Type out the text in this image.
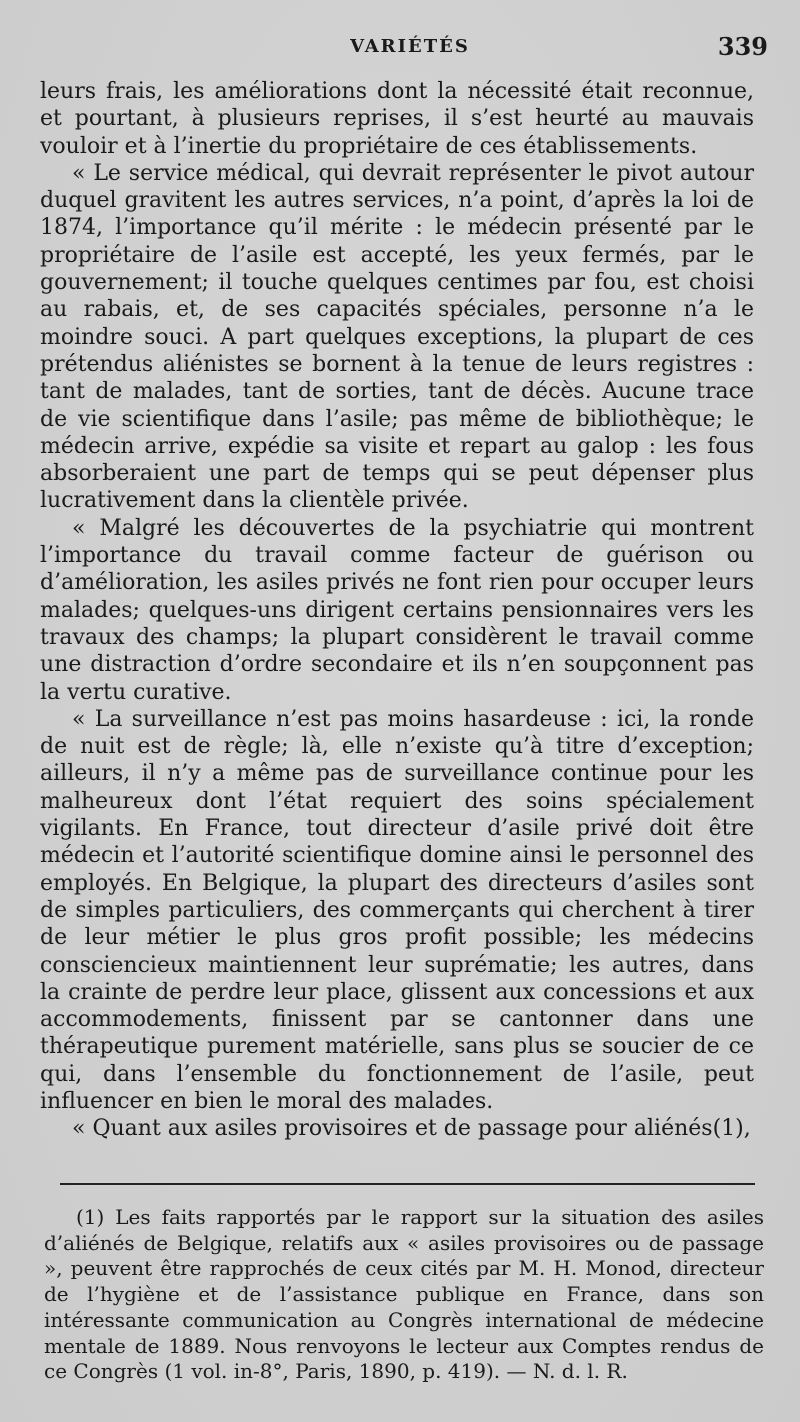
VARIÉTÉS	339

leurs frais, les améliorations dont la nécessité était reconnue, et pourtant, à plusieurs reprises, il s’est heurté au mauvais vouloir et à l’inertie du propriétaire de ces établissements.

« Le service médical, qui devrait représenter le pivot autour duquel gravitent les autres services, n’a point, d’après la loi de 1874, l’importance qu’il mérite : le médecin présenté par le propriétaire de l’asile est accepté, les yeux fermés, par le gouvernement; il touche quelques centimes par fou, est choisi au rabais, et, de ses capacités spéciales, personne n’a le moindre souci. A part quelques exceptions, la plupart de ces prétendus aliénistes se bornent à la tenue de leurs registres : tant de malades, tant de sorties, tant de décès. Aucune trace de vie scientifique dans l’asile; pas même de bibliothèque; le médecin arrive, expédie sa visite et repart au galop : les fous absorberaient une part de temps qui se peut dépenser plus lucrativement dans la clientèle privée.

« Malgré les découvertes de la psychiatrie qui montrent l’importance du travail comme facteur de guérison ou d’amélioration, les asiles privés ne font rien pour occuper leurs malades; quelques-uns dirigent certains pensionnaires vers les travaux des champs; la plupart considèrent le travail comme une distraction d’ordre secondaire et ils n’en soupçonnent pas la vertu curative.

« La surveillance n’est pas moins hasardeuse : ici, la ronde de nuit est de règle; là, elle n’existe qu’à titre d’exception; ailleurs, il n’y a même pas de surveillance continue pour les malheureux dont l’état requiert des soins spécialement vigilants. En France, tout directeur d’asile privé doit être médecin et l’autorité scientifique domine ainsi le personnel des employés. En Belgique, la plupart des directeurs d’asiles sont de simples particuliers, des commerçants qui cherchent à tirer de leur métier le plus gros profit possible; les médecins consciencieux maintiennent leur suprématie; les autres, dans la crainte de perdre leur place, glissent aux concessions et aux accommodements, finissent par se cantonner dans une thérapeutique purement matérielle, sans plus se soucier de ce qui, dans l’ensemble du fonctionnement de l’asile, peut influencer en bien le moral des malades.

« Quant aux asiles provisoires et de passage pour aliénés(1),

(1) Les faits rapportés par le rapport sur la situation des asiles d’aliénés de Belgique, relatifs aux « asiles provisoires ou de passage », peuvent être rapprochés de ceux cités par M. H. Monod, directeur de l’hygiène et de l’assistance publique en France, dans son intéressante communication au Congrès international de médecine mentale de 1889. Nous renvoyons le lecteur aux Comptes rendus de ce Congrès (1 vol. in-8°, Paris, 1890, p. 419). — N. d. l. R.
